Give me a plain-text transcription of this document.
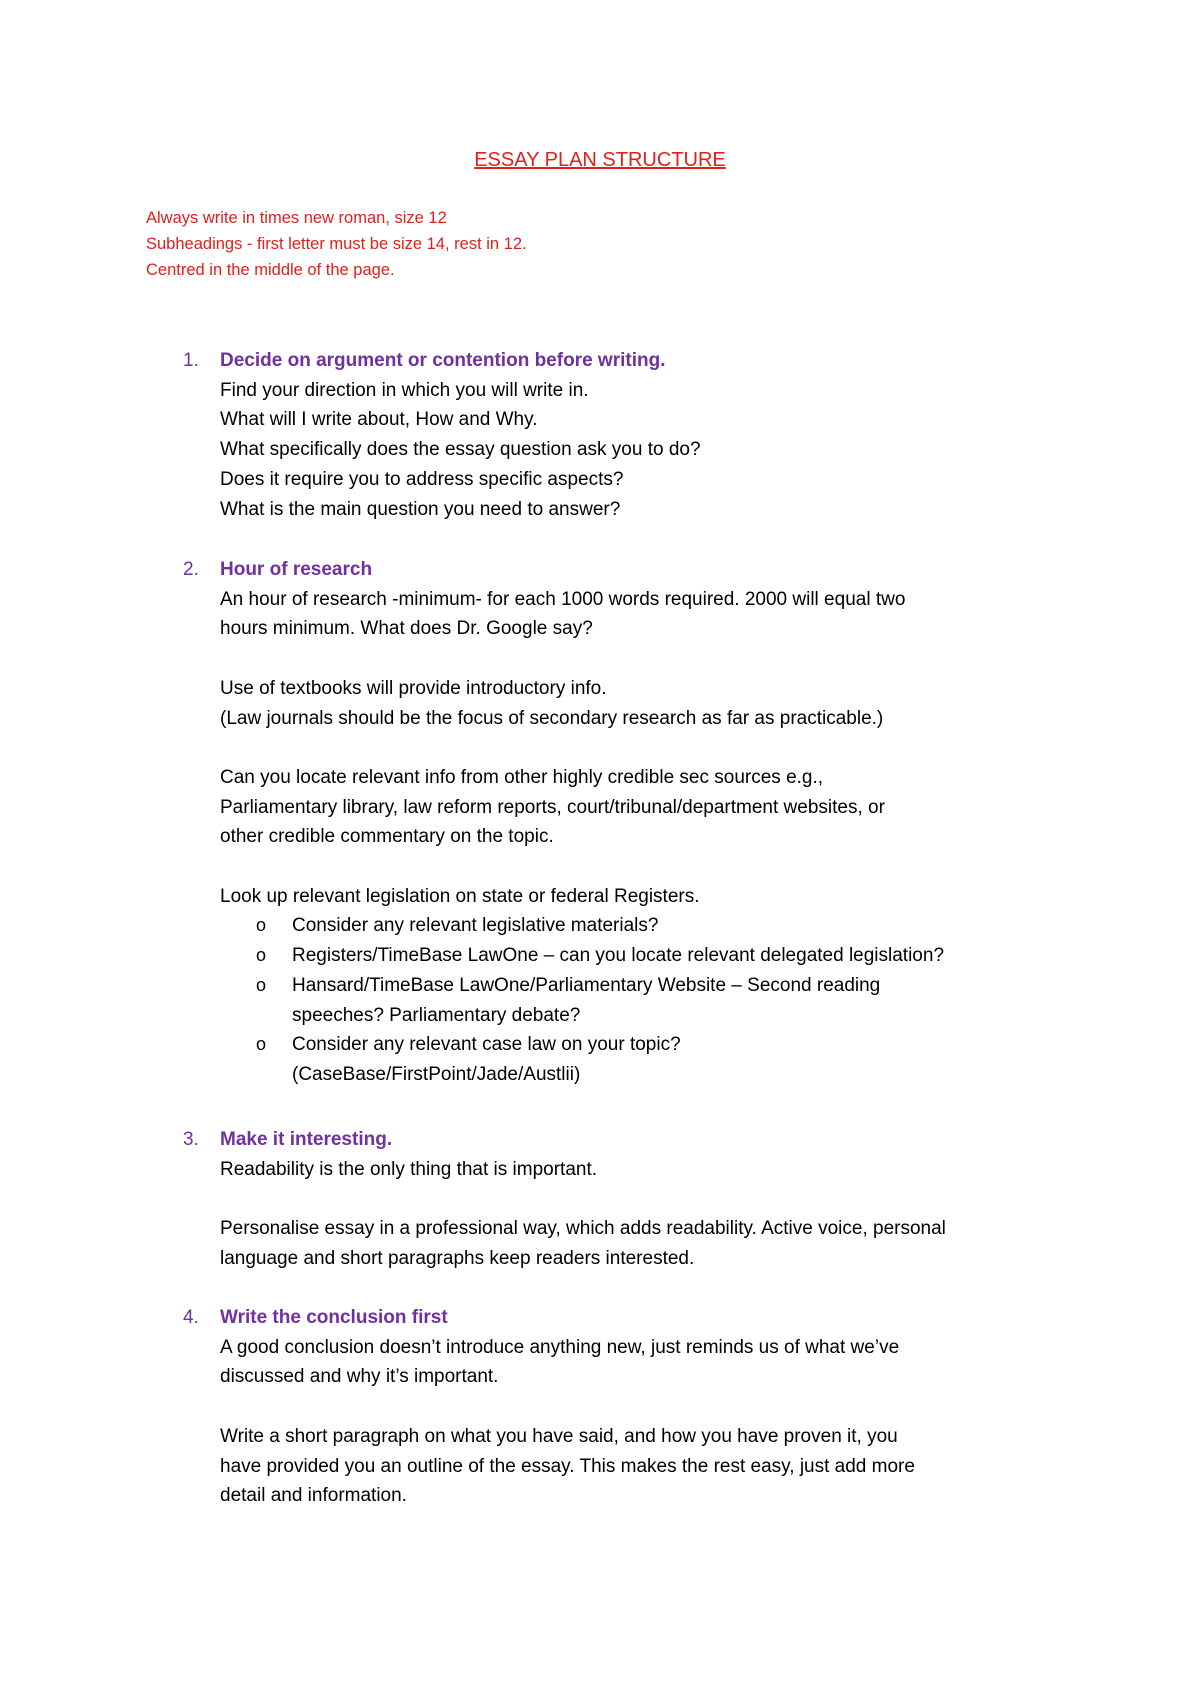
ESSAY PLAN STRUCTURE
Always write in times new roman, size 12
Subheadings - first letter must be size 14, rest in 12.
Centred in the middle of the page.
1. Decide on argument or contention before writing.
Find your direction in which you will write in.
What will I write about, How and Why.
What specifically does the essay question ask you to do?
Does it require you to address specific aspects?
What is the main question you need to answer?
2. Hour of research
An hour of research -minimum- for each 1000 words required. 2000 will equal two
hours minimum. What does Dr. Google say?
Use of textbooks will provide introductory info.
(Law journals should be the focus of secondary research as far as practicable.)
Can you locate relevant info from other highly credible sec sources e.g.,
Parliamentary library, law reform reports, court/tribunal/department websites, or
other credible commentary on the topic.
Look up relevant legislation on state or federal Registers.
o Consider any relevant legislative materials?
o Registers/TimeBase LawOne – can you locate relevant delegated legislation?
o Hansard/TimeBase LawOne/Parliamentary Website – Second reading
speeches? Parliamentary debate?
o Consider any relevant case law on your topic?
(CaseBase/FirstPoint/Jade/Austlii)
3. Make it interesting.
Readability is the only thing that is important.
Personalise essay in a professional way, which adds readability. Active voice, personal
language and short paragraphs keep readers interested.
4. Write the conclusion first
A good conclusion doesn’t introduce anything new, just reminds us of what we’ve
discussed and why it’s important.
Write a short paragraph on what you have said, and how you have proven it, you
have provided you an outline of the essay. This makes the rest easy, just add more
detail and information.
